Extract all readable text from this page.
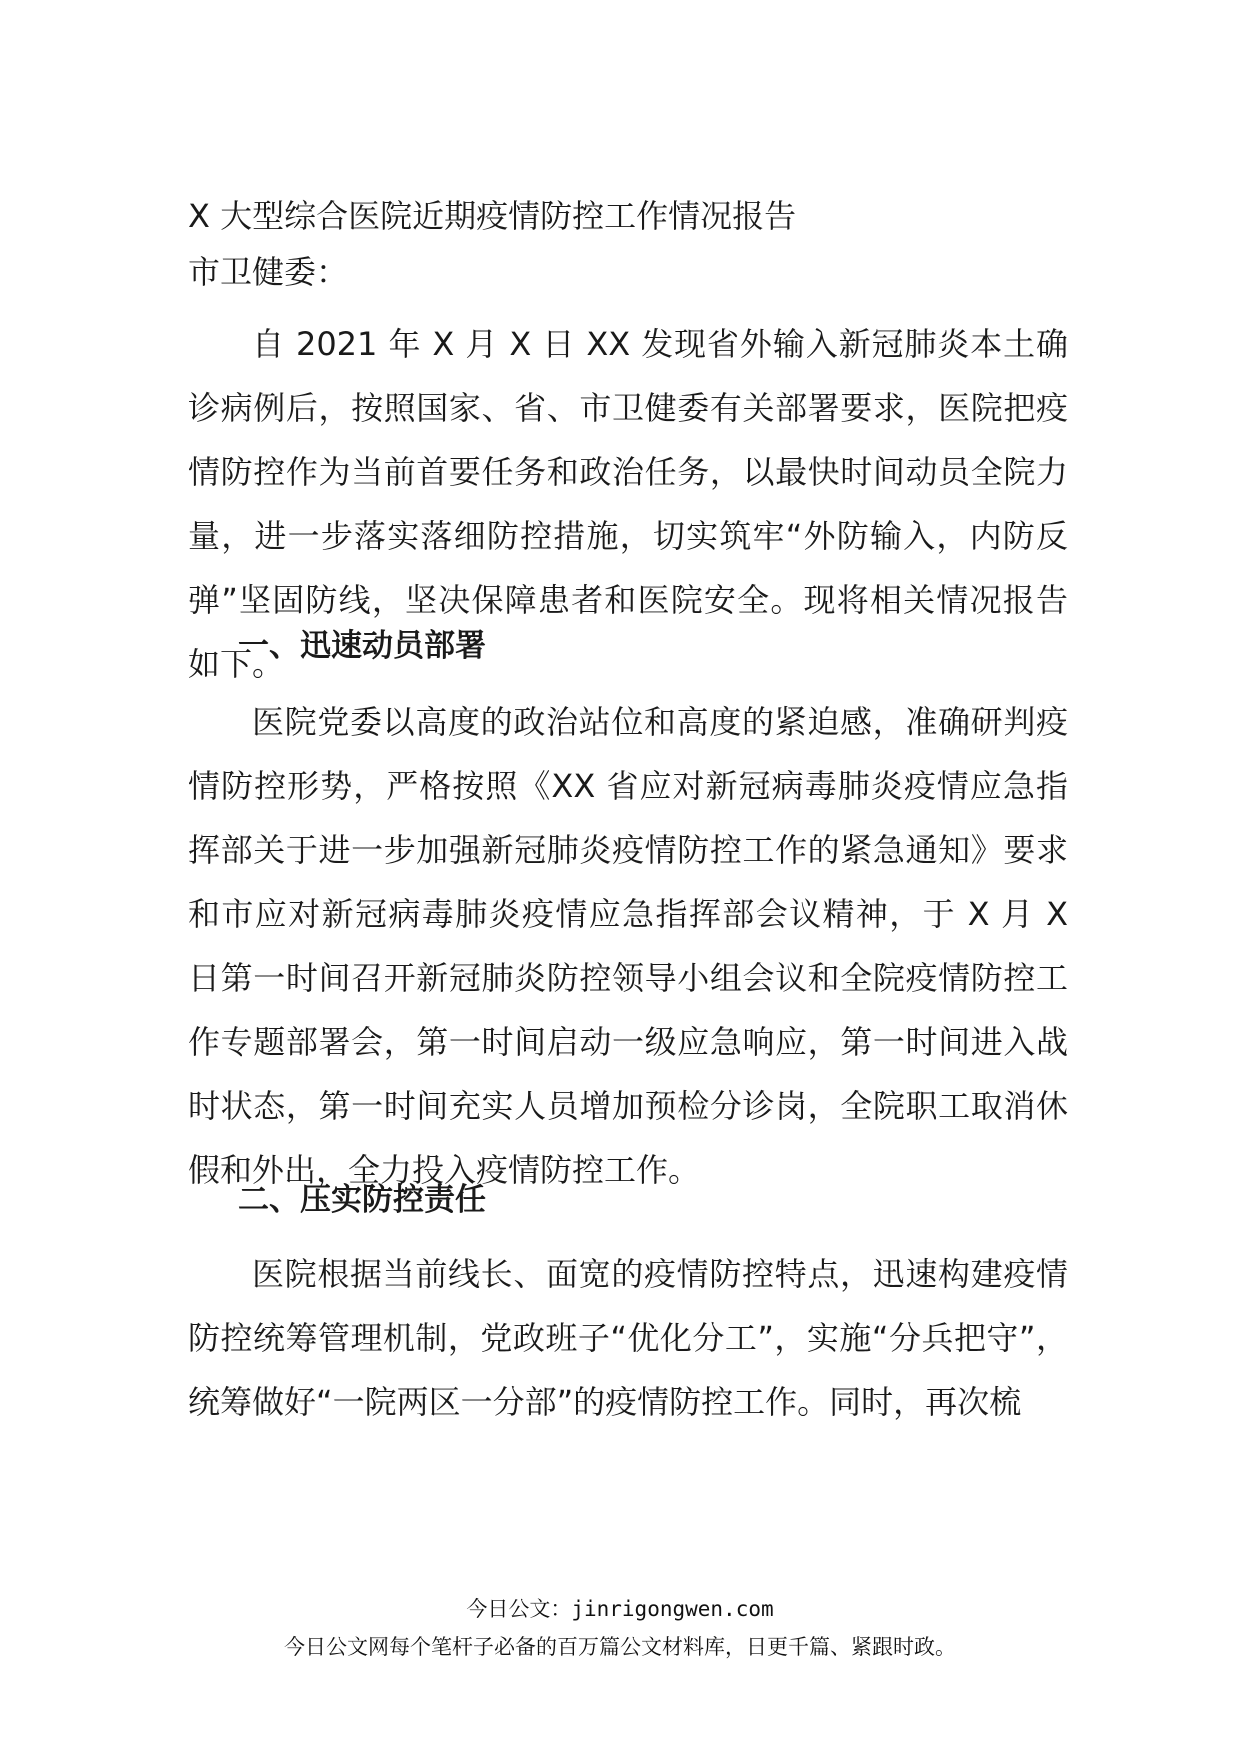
X 大型综合医院近期疫情防控工作情况报告
市卫健委：

自 2021 年 X 月 X 日 XX 发现省外输入新冠肺炎本土确诊病例后，按照国家、省、市卫健委有关部署要求，医院把疫情防控作为当前首要任务和政治任务，以最快时间动员全院力量，进一步落实落细防控措施，切实筑牢“外防输入，内防反弹”坚固防线，坚决保障患者和医院安全。现将相关情况报告如下。

一、迅速动员部署

医院党委以高度的政治站位和高度的紧迫感，准确研判疫情防控形势，严格按照《XX 省应对新冠病毒肺炎疫情应急指挥部关于进一步加强新冠肺炎疫情防控工作的紧急通知》要求和市应对新冠病毒肺炎疫情应急指挥部会议精神，于 X 月 X 日第一时间召开新冠肺炎防控领导小组会议和全院疫情防控工作专题部署会，第一时间启动一级应急响应，第一时间进入战时状态，第一时间充实人员增加预检分诊岗，全院职工取消休假和外出，全力投入疫情防控工作。

二、压实防控责任

医院根据当前线长、面宽的疫情防控特点，迅速构建疫情防控统筹管理机制，党政班子“优化分工”，实施“分兵把守”，统筹做好“一院两区一分部”的疫情防控工作。同时，再次梳

今日公文：jinrigongwen.com
今日公文网每个笔杆子必备的百万篇公文材料库，日更千篇、紧跟时政。
